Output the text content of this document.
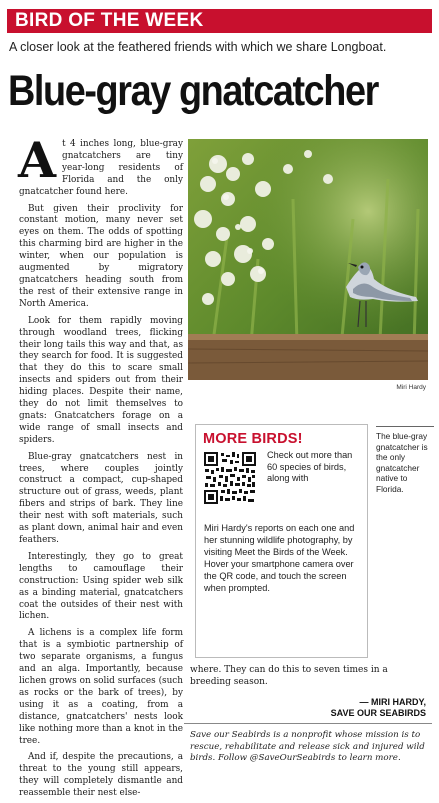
BIRD OF THE WEEK
A closer look at the feathered friends with which we share Longboat.
Blue-gray gnatcatcher

At 4 inches long, blue-gray gnatcatchers are tiny year-long residents of Florida and the only gnatcatcher found here.

But given their proclivity for constant motion, many never set eyes on them. The odds of spotting this charming bird are higher in the winter, when our population is augmented by migratory gnatcatchers heading south from the rest of their extensive range in North America.

Look for them rapidly moving through woodland trees, flicking their long tails this way and that, as they search for food. It is suggested that they do this to scare small insects and spiders out from their hiding places. Despite their name, they do not limit themselves to gnats: Gnatcatchers forage on a wide range of small insects and spiders.

Blue-gray gnatcatchers nest in trees, where couples jointly construct a compact, cup-shaped structure out of grass, weeds, plant fibers and strips of bark. They line their nest with soft materials, such as plant down, animal hair and even feathers.

Interestingly, they go to great lengths to camouflage their construction: Using spider web silk as a binding material, gnatcatchers coat the outsides of their nest with lichen.

A lichens is a complex life form that is a symbiotic partnership of two separate organisms, a fungus and an alga. Importantly, because lichen grows on solid surfaces (such as rocks or the bark of trees), by using it as a coating, from a distance, gnatcatchers' nests look like nothing more than a knot in the tree.

And if, despite the precautions, a threat to the young still appears, they will completely dismantle and reassemble their nest else-

Miri Hardy
MORE BIRDS!
Check out more than 60 species of birds, along with
Miri Hardy's reports on each one and her stunning wildlife photography, by visiting Meet the Birds of the Week. Hover your smartphone camera over the QR code, and touch the screen when prompted.
The blue-gray gnatcatcher is the only gnatcatcher native to Florida.

where. They can do this to seven times in a breeding season.

— MIRI HARDY,
SAVE OUR SEABIRDS
Save our Seabirds is a nonprofit whose mission is to rescue, rehabilitate and release sick and injured wild birds. Follow @SaveOurSeabirds to learn more.
